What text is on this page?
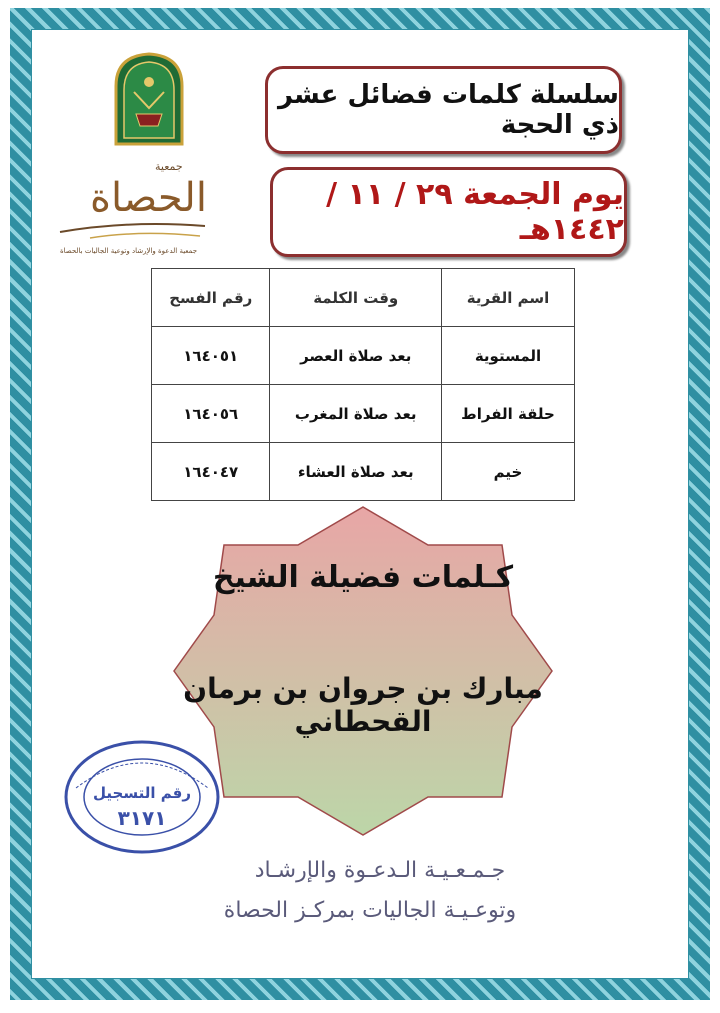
جمعية
الحصاة
جمعية الدعوة والإرشاد وتوعية الجاليات بالحصاة
سلسلة كلمات فضائل عشر ذي الحجة
يوم الجمعة ٢٩ / ١١ / ١٤٤٢هـ
اسم القرية	وقت الكلمة	رقم الفسح
المستوية	بعد صلاة العصر	١٦٤٠٥١
حلقة الفراط	بعد صلاة المغرب	١٦٤٠٥٦
خيم	بعد صلاة العشاء	١٦٤٠٤٧
كـلمات فضيلة الشيخ
مبارك بن جروان بن برمان القحطاني
رقم التسجيل
٣١٧١
جـمـعـيـة الـدعـوة والإرشـاد
وتوعـيـة الجاليات بمركـز الحصاة
